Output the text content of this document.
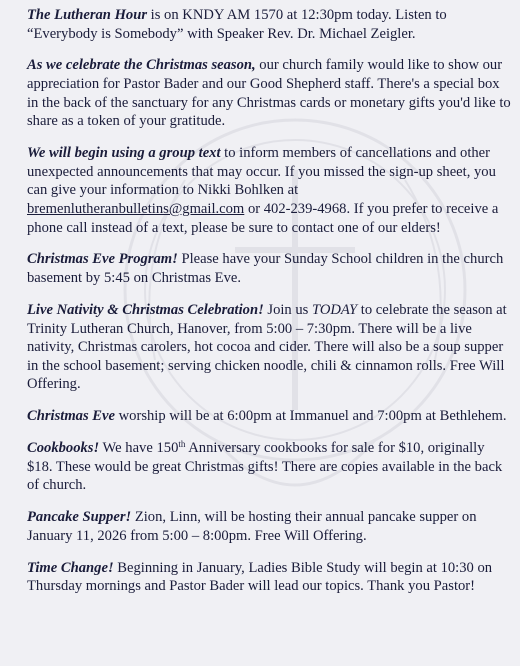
The Lutheran Hour is on KNDY AM 1570 at 12:30pm today. Listen to “Everybody is Somebody” with Speaker Rev. Dr. Michael Zeigler.

As we celebrate the Christmas season, our church family would like to show our appreciation for Pastor Bader and our Good Shepherd staff. There's a special box in the back of the sanctuary for any Christmas cards or monetary gifts you'd like to share as a token of your gratitude.

We will begin using a group text to inform members of cancellations and other unexpected announcements that may occur. If you missed the sign-up sheet, you can give your information to Nikki Bohlken at bremenlutheranbulletins@gmail.com or 402-239-4968. If you prefer to receive a phone call instead of a text, please be sure to contact one of our elders!

Christmas Eve Program! Please have your Sunday School children in the church basement by 5:45 on Christmas Eve.

Live Nativity & Christmas Celebration! Join us TODAY to celebrate the season at Trinity Lutheran Church, Hanover, from 5:00 – 7:30pm. There will be a live nativity, Christmas carolers, hot cocoa and cider. There will also be a soup supper in the school basement; serving chicken noodle, chili & cinnamon rolls. Free Will Offering.

Christmas Eve worship will be at 6:00pm at Immanuel and 7:00pm at Bethlehem.

Cookbooks! We have 150th Anniversary cookbooks for sale for $10, originally $18. These would be great Christmas gifts! There are copies available in the back of church.

Pancake Supper! Zion, Linn, will be hosting their annual pancake supper on January 11, 2026 from 5:00 – 8:00pm. Free Will Offering.

Time Change! Beginning in January, Ladies Bible Study will begin at 10:30 on Thursday mornings and Pastor Bader will lead our topics. Thank you Pastor!
